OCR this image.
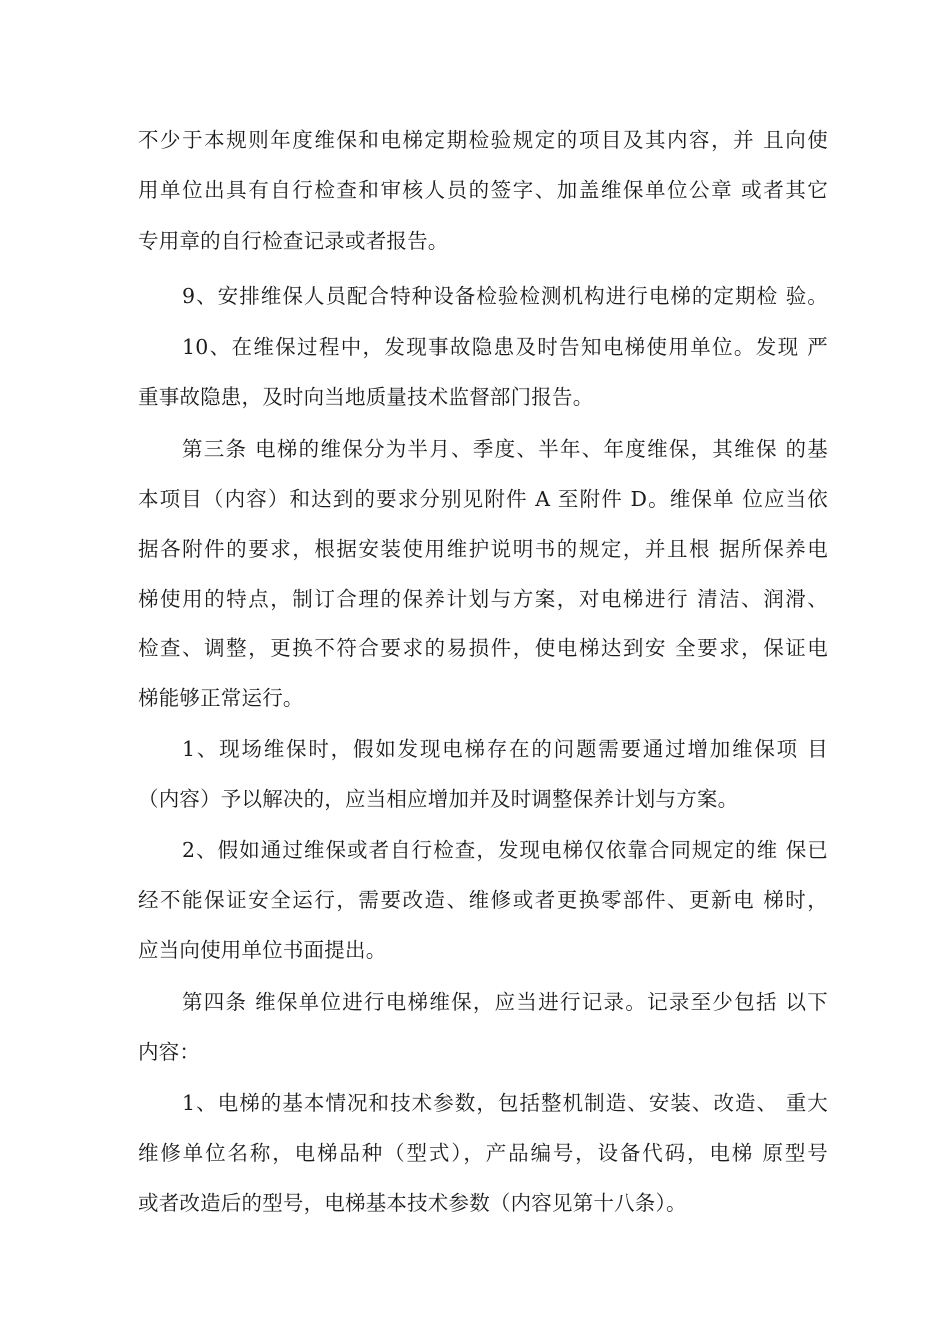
不少于本规则年度维保和电梯定期检验规定的项目及其内容，并 且向使
用单位出具有自行检查和审核人员的签字、加盖维保单位公章 或者其它
专用章的自行检查记录或者报告。
9、安排维保人员配合特种设备检验检测机构进行电梯的定期检 验。
10、在维保过程中，发现事故隐患及时告知电梯使用单位。发现 严
重事故隐患，及时向当地质量技术监督部门报告。
第三条 电梯的维保分为半月、季度、半年、年度维保，其维保 的基
本项目（内容）和达到的要求分别见附件 A 至附件 D。维保单 位应当依
据各附件的要求，根据安装使用维护说明书的规定，并且根 据所保养电
梯使用的特点，制订合理的保养计划与方案，对电梯进行 清洁、润滑、
检查、调整，更换不符合要求的易损件，使电梯达到安 全要求，保证电
梯能够正常运行。
1、现场维保时，假如发现电梯存在的问题需要通过增加维保项 目
（内容）予以解决的，应当相应增加并及时调整保养计划与方案。
2、假如通过维保或者自行检查，发现电梯仅依靠合同规定的维 保已
经不能保证安全运行，需要改造、维修或者更换零部件、更新电 梯时，
应当向使用单位书面提出。
第四条 维保单位进行电梯维保，应当进行记录。记录至少包括 以下
内容：
1、电梯的基本情况和技术参数，包括整机制造、安装、改造、 重大
维修单位名称，电梯品种（型式），产品编号，设备代码，电梯 原型号
或者改造后的型号，电梯基本技术参数（内容见第十八条）。
